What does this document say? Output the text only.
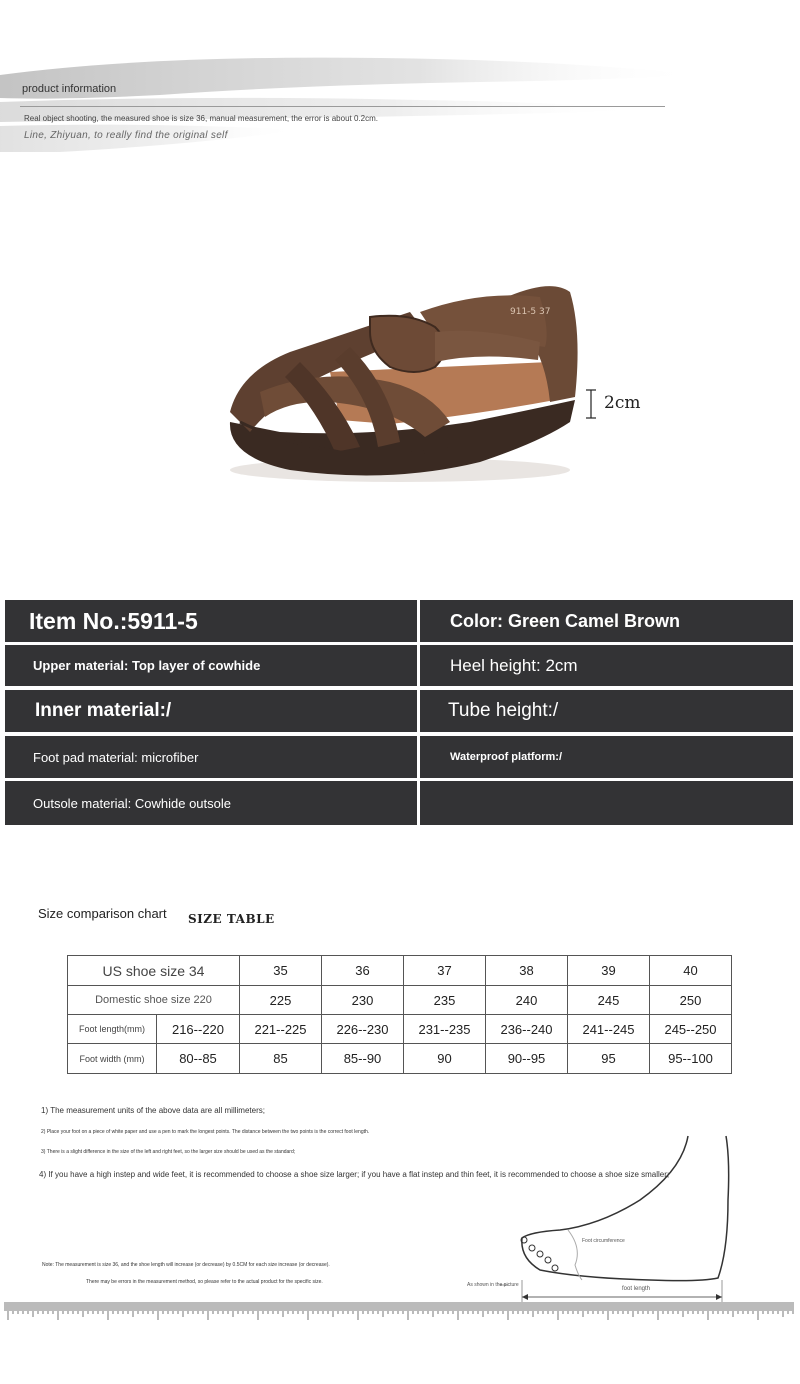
product information
Real object shooting, the measured shoe is size 36, manual measurement, the error is about 0.2cm.
Line, Zhiyuan, to really find the original self
911-5 37
2cm
Item No.:5911-5	Color: Green Camel Brown
Upper material: Top layer of cowhide	Heel height: 2cm
Inner material:/	Tube height:/
Foot pad material: microfiber	Waterproof platform:/
Outsole material: Cowhide outsole
Size comparison chart SIZE TABLE
US shoe size 34		35	36	37	38	39	40
Domestic shoe size 220		225	230	235	240	245	250
Foot length(mm)	216--220	221--225	226--230	231--235	236--240	241--245	245--250
Foot width (mm)	80--85	85	85--90	90	90--95	95	95--100
1) The measurement units of the above data are all millimeters;
2) Place your foot on a piece of white paper and use a pen to mark the longest points. The distance between the two points is the correct foot length.
3) There is a slight difference in the size of the left and right feet, so the larger size should be used as the standard;
4) If you have a high instep and wide feet, it is recommended to choose a shoe size larger; if you have a flat instep and thin feet, it is recommended to choose a shoe size smaller;
Note: The measurement is size 36, and the shoe length will increase (or decrease) by 0.5CM for each size increase (or decrease).
There may be errors in the measurement method, so please refer to the actual product for the specific size.
Foot circumference
As shown in the picture
foot length
